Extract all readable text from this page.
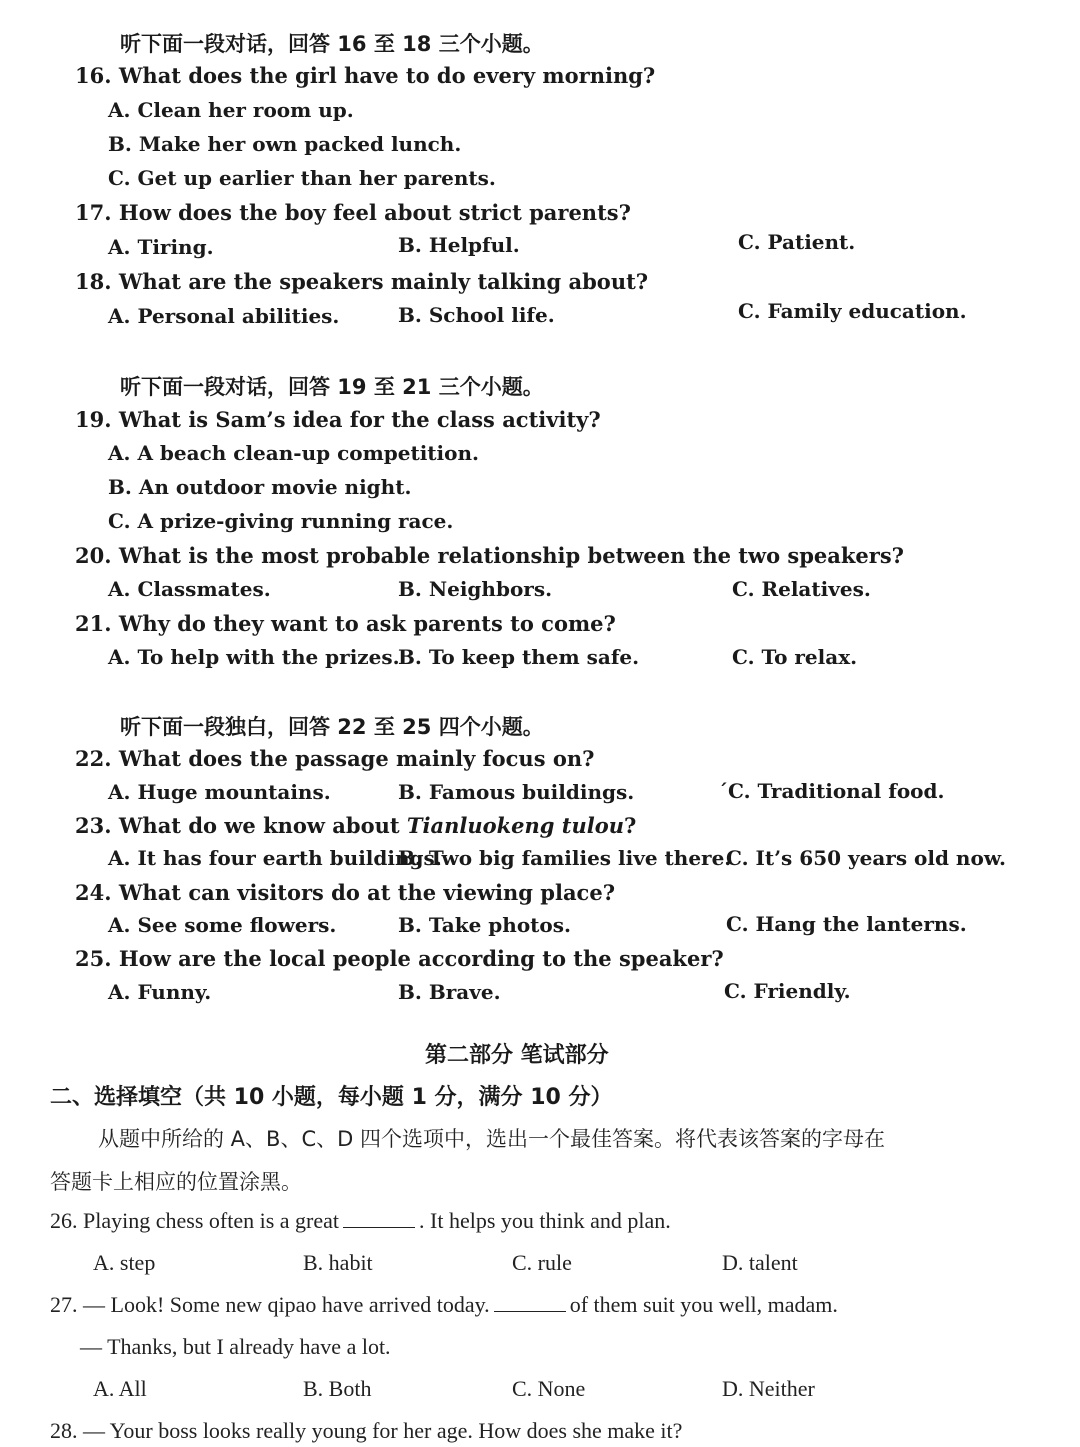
听下面一段对话，回答 16 至 18 三个小题。
16. What does the girl have to do every morning?
A. Clean her room up.
B. Make her own packed lunch.
C. Get up earlier than her parents.
17. How does the boy feel about strict parents?
A. Tiring.	B. Helpful.	C. Patient.
18. What are the speakers mainly talking about?
A. Personal abilities.	B. School life.	C. Family education.
听下面一段对话，回答 19 至 21 三个小题。
19. What is Sam’s idea for the class activity?
A. A beach clean-up competition.
B. An outdoor movie night.
C. A prize-giving running race.
20. What is the most probable relationship between the two speakers?
A. Classmates.	B. Neighbors.	C. Relatives.
21. Why do they want to ask parents to come?
A. To help with the prizes.
B. To keep them safe.	C. To relax.
听下面一段独白，回答 22 至 25 四个小题。
22. What does the passage mainly focus on?
A. Huge mountains.	B. Famous buildings.	ˊC. Traditional food.
23. What do we know about Tianluokeng tulou?
A. It has four earth buildings.
B. Two big families live there.
C. It’s 650 years old now.
24. What can visitors do at the viewing place?
A. See some flowers.	B. Take photos.	C. Hang the lanterns.
25. How are the local people according to the speaker?
A. Funny.	B. Brave.	C. Friendly.
第二部分 笔试部分
二、选择填空（共 10 小题，每小题 1 分，满分 10 分）
从题中所给的 A、B、C、D 四个选项中，选出一个最佳答案。将代表该答案的字母在
答题卡上相应的位置涂黑。
26. Playing chess often is a great	. It helps you think and plan.
A. step	B. habit	C. rule	D. talent
27. — Look! Some new qipao have arrived today.	of them suit you well, madam.
— Thanks, but I already have a lot.
A. All	B. Both	C. None	D. Neither
28. — Your boss looks really young for her age. How does she make it?
